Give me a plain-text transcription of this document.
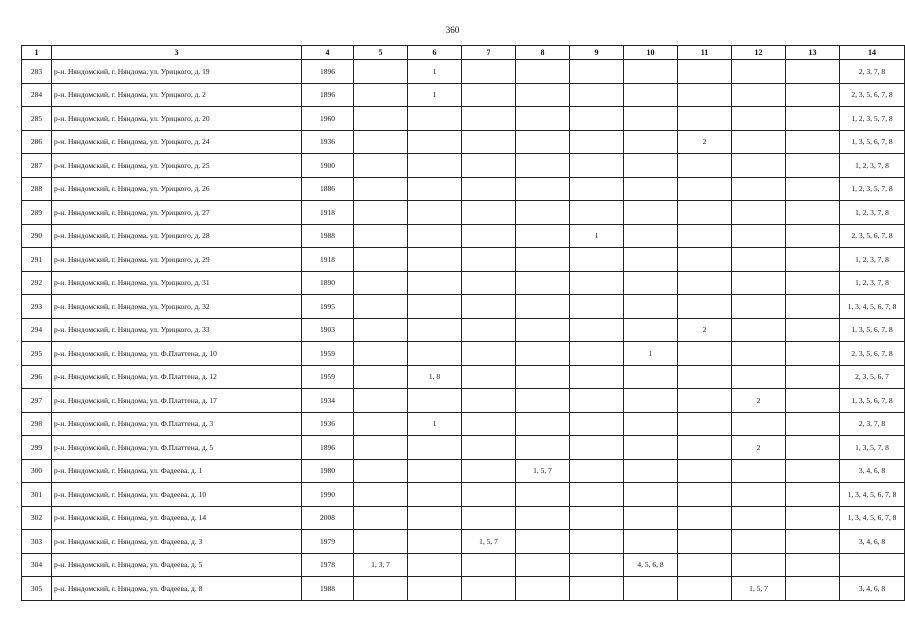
360
1	3	4	5	6	7	8	9	10	11	12	13	14
283	р-н. Няндомский, г. Няндома, ул. Урицкого, д. 19	1896		1								2, 3, 7, 8
284	р-н. Няндомский, г. Няндома, ул. Урицкого, д. 2	1896		1								2, 3, 5, 6, 7, 8
285	р-н. Няндомский, г. Няндома, ул. Урицкого, д. 20	1960										1, 2, 3, 5, 7, 8
286	р-н. Няндомский, г. Няндома, ул. Урицкого, д. 24	1936							2			1, 3, 5, 6, 7, 8
287	р-н. Няндомский, г. Няндома, ул. Урицкого, д. 25	1900										1, 2, 3, 7, 8
288	р-н. Няндомский, г. Няндома, ул. Урицкого, д. 26	1886										1, 2, 3, 5, 7, 8
289	р-н. Няндомский, г. Няндома, ул. Урицкого, д. 27	1918										1, 2, 3, 7, 8
290	р-н. Няндомский, г. Няндома, ул. Урицкого, д. 28	1988					1					2, 3, 5, 6, 7, 8
291	р-н. Няндомский, г. Няндома, ул. Урицкого, д. 29	1918										1, 2, 3, 7, 8
292	р-н. Няндомский, г. Няндома, ул. Урицкого, д. 31	1890										1, 2, 3, 7, 8
293	р-н. Няндомский, г. Няндома, ул. Урицкого, д. 32	1995										1, 3, 4, 5, 6, 7, 8
294	р-н. Няндомский, г. Няндома, ул. Урицкого, д. 33	1903							2			1, 3, 5, 6, 7, 8
295	р-н. Няндомский, г. Няндома, ул. Ф.Платтена, д. 10	1959						1				2, 3, 5, 6, 7, 8
296	р-н. Няндомский, г. Няндома, ул. Ф.Платтена, д. 12	1959		1, 8								2, 3, 5, 6, 7
297	р-н. Няндомский, г. Няндома, ул. Ф.Платтена, д. 17	1934								2		1, 3, 5, 6, 7, 8
298	р-н. Няндомский, г. Няндома, ул. Ф.Платтена, д. 3	1936		1								2, 3, 7, 8
299	р-н. Няндомский, г. Няндома, ул. Ф.Платтена, д. 5	1896								2		1, 3, 5, 7, 8
300	р-н. Няндомский, г. Няндома, ул. Фадеева, д. 1	1980				1, 5, 7						3, 4, 6, 8
301	р-н. Няндомский, г. Няндома, ул. Фадеева, д. 10	1990										1, 3, 4, 5, 6, 7, 8
302	р-н. Няндомский, г. Няндома, ул. Фадеева, д. 14	2008										1, 3, 4, 5, 6, 7, 8
303	р-н. Няндомский, г. Няндома, ул. Фадеева, д. 3	1979			1, 5, 7							3, 4, 6, 8
304	р-н. Няндомский, г. Няндома, ул. Фадеева, д. 5	1978	1, 3, 7					4, 5, 6, 8				
305	р-н. Няндомский, г. Няндома, ул. Фадеева, д. 8	1988								1, 5, 7		3, 4, 6, 8
